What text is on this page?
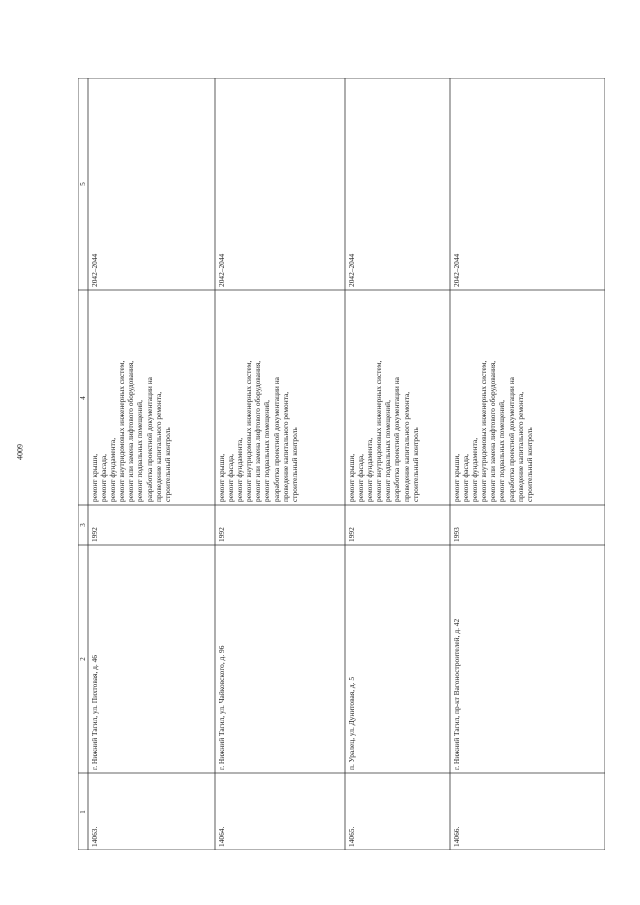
4009
1
2
3
4
5
14063.
г. Нижний Тагил, ул. Пихтовая, д. 46
1992
ремонт крыши, ремонт фасада, ремонт фундамента, ремонт внутридомовых инженерных систем, ремонт или замена лифтового оборудования, ремонт подвальных помещений, разработка проектной документации на проведение капитального ремонта, строительный контроль
2042–2044
14064.
г. Нижний Тагил, ул. Чайковского, д. 96
1992
ремонт крыши, ремонт фасада, ремонт фундамента, ремонт внутридомовых инженерных систем, ремонт или замена лифтового оборудования, ремонт подвальных помещений, разработка проектной документации на проведение капитального ремонта, строительный контроль
2042–2044
14065.
п. Уралец, ул. Дунитовая, д. 5
1992
ремонт крыши, ремонт фасада, ремонт фундамента, ремонт внутридомовых инженерных систем, ремонт подвальных помещений, разработка проектной документации на проведение капитального ремонта, строительный контроль
2042–2044
14066.
г. Нижний Тагил, пр-кт Вагоностроителей, д. 42
1993
ремонт крыши, ремонт фасада, ремонт фундамента, ремонт внутридомовых инженерных систем, ремонт или замена лифтового оборудования, ремонт подвальных помещений, разработка проектной документации на проведение капитального ремонта, строительный контроль
2042–2044
